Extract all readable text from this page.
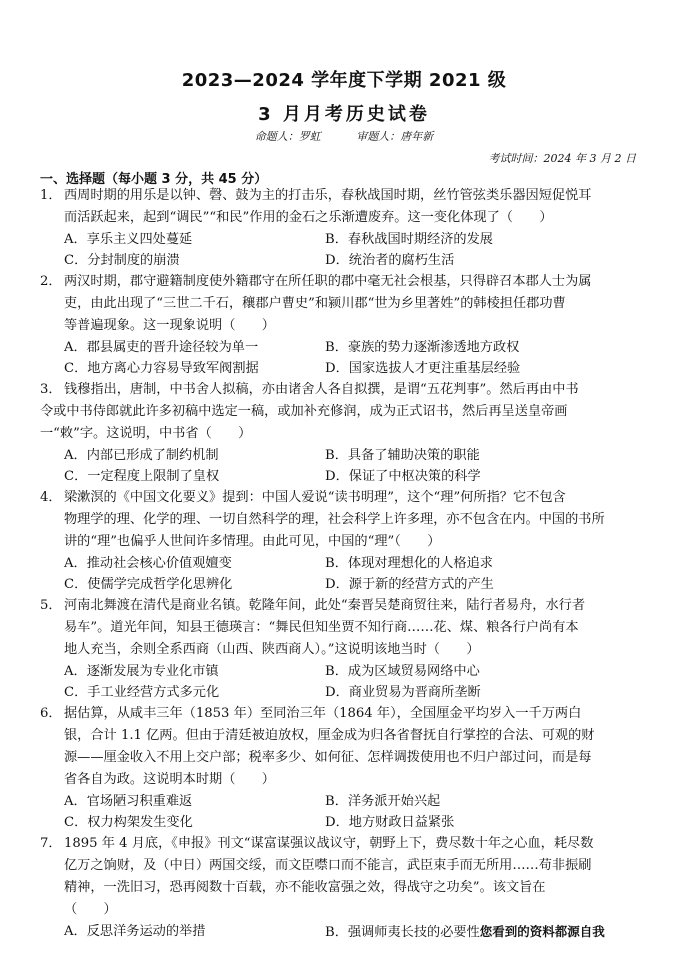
2023—2024 学年度下学期 2021 级
3 月月考历史试卷
命题人：罗虹	审题人：唐年新
考试时间：2024 年 3 月 2 日
一、选择题（每小题 3 分，共 45 分）
1． 西周时期的用乐是以钟、磬、鼓为主的打击乐，春秋战国时期，丝竹管弦类乐器因短促悦耳
而活跃起来，起到“调民”“和民”作用的金石之乐渐遭废弃。这一变化体现了（　　）
A．享乐主义四处蔓延	B．春秋战国时期经济的发展
C．分封制度的崩溃	D．统治者的腐朽生活
2． 两汉时期，郡守避籍制度使外籍郡守在所任职的郡中毫无社会根基，只得辟召本郡人士为属
吏，由此出现了“三世二千石，穰郡户曹史”和颍川郡“世为乡里著姓”的韩棱担任郡功曹
等普遍现象。这一现象说明（　　）
A．郡县属吏的晋升途径较为单一	B．豪族的势力逐渐渗透地方政权
C．地方离心力容易导致军阀割据	D．国家选拔人才更注重基层经验
3． 钱穆指出，唐制，中书舍人拟稿，亦由诸舍人各自拟撰，是谓“五花判事”。然后再由中书
令或中书侍郎就此许多初稿中选定一稿，或加补充修润，成为正式诏书，然后再呈送皇帝画
一“敕”字。这说明，中书省（　　）
A．内部已形成了制约机制	B．具备了辅助决策的职能
C．一定程度上限制了皇权	D．保证了中枢决策的科学
4． 梁漱溟的《中国文化要义》提到：中国人爱说“读书明理”，这个“理”何所指？它不包含
物理学的理、化学的理、一切自然科学的理，社会科学上许多理，亦不包含在内。中国的书所
讲的“理”也偏乎人世间许多情理。由此可见，中国的“理”（　　）
A．推动社会核心价值观嬗变	B．体现对理想化的人格追求
C．使儒学完成哲学化思辨化	D．源于新的经营方式的产生
5． 河南北舞渡在清代是商业名镇。乾隆年间，此处“秦晋吴楚商贸往来，陆行者易舟，水行者
易车”。道光年间，知县王德瑛言：“舞民但知坐贾不知行商……花、煤、粮各行户尚有本
地人充当，余则全系西商（山西、陕西商人）。”这说明该地当时（　　）
A．逐渐发展为专业化市镇	B．成为区域贸易网络中心
C．手工业经营方式多元化	D．商业贸易为晋商所垄断
6． 据估算，从咸丰三年（1853 年）至同治三年（1864 年），全国厘金平均岁入一千万两白
银，合计 1.1 亿两。但由于清廷被迫放权，厘金成为归各省督抚自行掌控的合法、可观的财
源——厘金收入不用上交户部；税率多少、如何征、怎样调拨使用也不归户部过问，而是每
省各自为政。这说明本时期（　　）
A．官场陋习积重难返	B．洋务派开始兴起
C．权力构架发生变化	D．地方财政日益紧张
7． 1895 年 4 月底，《申报》刊文“谋富谋强议战议守，朝野上下，费尽数十年之心血，耗尽数
亿万之饷财，及（中日）两国交绥，而文臣噤口而不能言，武臣束手而无所用……苟非振刷
精神，一洗旧习，恐再阅数十百载，亦不能收富强之效，得战守之功矣”。该文旨在
（　　）
A．反思洋务运动的举措	B．强调师夷长技的必要性您看到的资料都源自我
